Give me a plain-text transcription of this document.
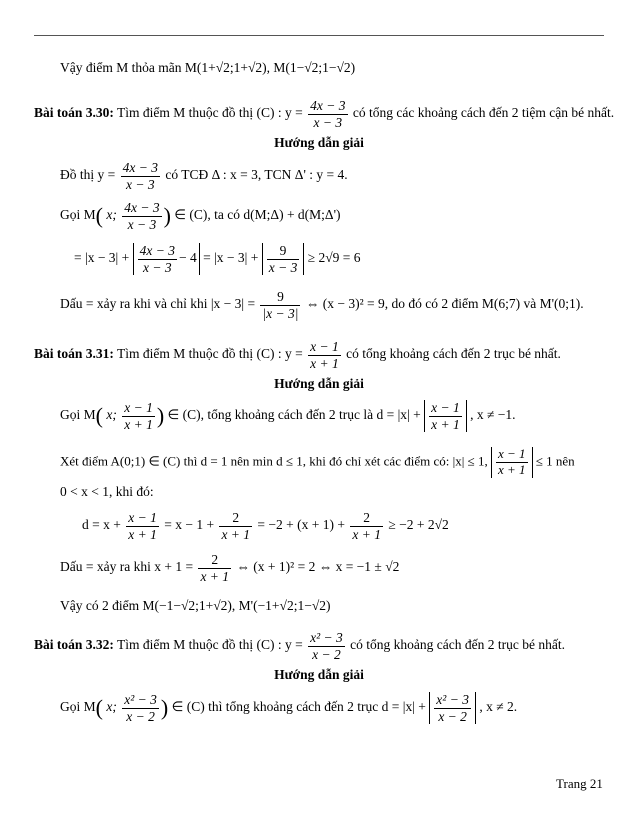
Vậy điểm M thỏa mãn M(1+√2;1+√2), M(1−√2;1−√2)
Bài toán 3.30: Tìm điểm M thuộc đồ thị (C) : $y = \frac{4x - 3}{x - 3}$ có tổng các khoảng cách đến 2 tiệm cận bé nhất.
Hướng dẫn giải
Đồ thị $y = \frac{4x - 3}{x - 3}$ có TCĐ Δ : x = 3, TCN Δ' : y = 4.
Gọi M( x; $\frac{4x - 3}{x - 3}$ ) ∈ (C), ta có d(M;Δ) + d(M;Δ')
= $|x - 3| + \frac{4x - 3}{x - 3} - 4 = |x - 3| + \frac{9}{x - 3} \ge 2√9 = 6$
Dấu = xảy ra khi và chỉ khi $|x - 3| = \frac{9}{|x - 3|}$ ⇔ (x − 3)² = 9, do đó có 2 điểm M(6;7) và M'(0;1).
Bài toán 3.31: Tìm điểm M thuộc đồ thị (C) : $y = \frac{x - 1}{x + 1}$ có tổng khoảng cách đến 2 trục bé nhất.
Hướng dẫn giải
Gọi M( x; $\frac{x - 1}{x + 1}$ ) ∈ (C), tổng khoảng cách đến 2 trục là $d = |x| + \frac{x - 1}{x + 1}$ , x ≠ −1.
Xét điểm A(0;1) ∈ (C) thì d = 1 nên min d ≤ 1, khi đó chỉ xét các điểm có: |x| ≤ 1, $\frac{x - 1}{x + 1} \le 1$ nên
0 < x < 1, khi đó:
$d = x + \frac{x - 1}{x + 1} = x - 1 + \frac{2}{x + 1} = -2 + (x + 1) + \frac{2}{x + 1} \ge -2 + 2√2$
Dấu = xảy ra khi $x + 1 = \frac{2}{x + 1}$ ⇔ (x + 1)² = 2 ⇔ x = −1 ± √2
Vậy có 2 điểm M(−1−√2;1+√2), M'(−1+√2;1−√2)
Bài toán 3.32: Tìm điểm M thuộc đồ thị (C) : $y = \frac{\text{x² − 3}}{x - 2}$ có tổng khoảng cách đến 2 trục bé nhất.
Hướng dẫn giải
Gọi M( x; $\frac{\text{x² − 3}}{x - 2}$ ) ∈ (C) thì tổng khoảng cách đến 2 trục $d = |x| + \frac{\text{x² − 3}}{x - 2}$ , x ≠ 2.
Trang 21
